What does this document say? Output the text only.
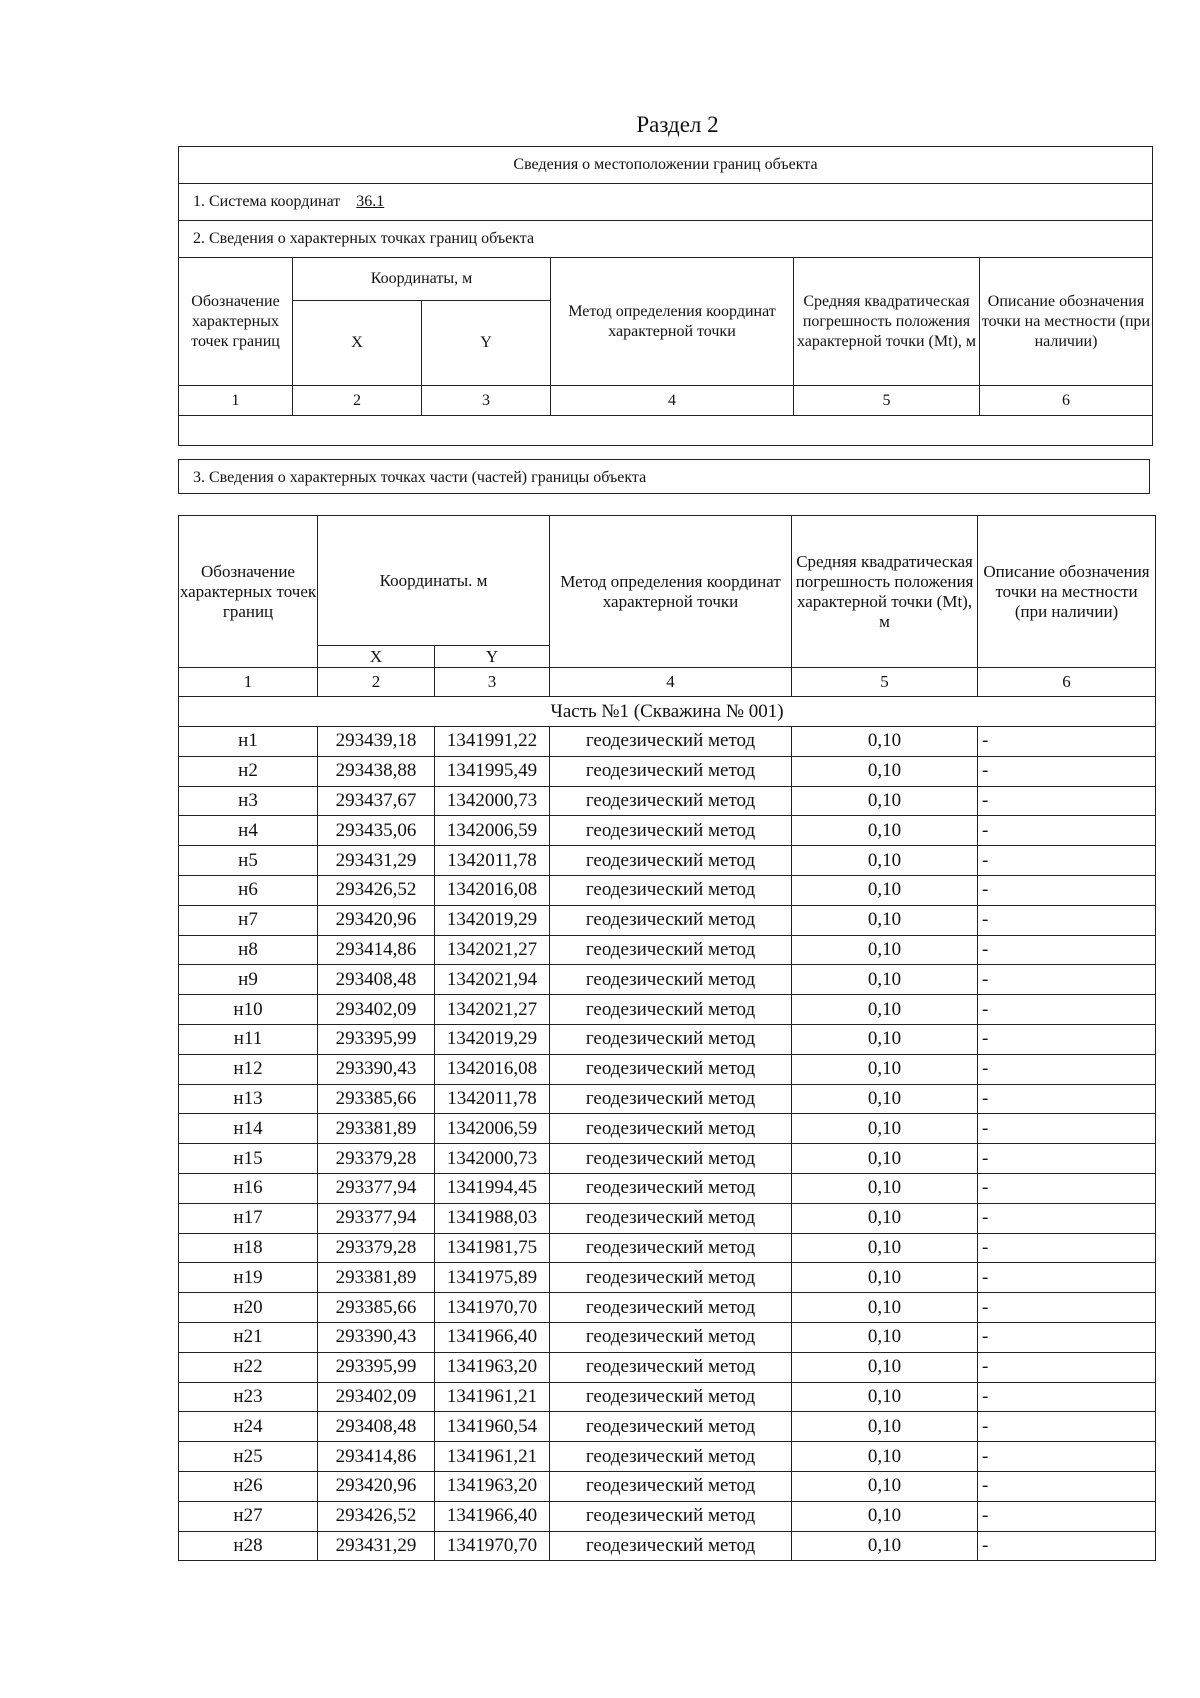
Раздел 2
Сведения о местоположении границ объекта					
1. Система координат 36.1					
2. Сведения о характерных точках границ объекта					
Обозначение характерных точек границ	Координаты, м		Метод определения координат характерной точки	Средняя квадратическая погрешность положения характерной точки (Mt), м	Описание обозначения точки на местности (при наличии)
	X	Y			
1	2	3	4	5	6

3. Сведения о характерных точках части (частей) границы объекта
Обозначение характерных точек границ	Координаты. м		Метод определения координат характерной точки	Средняя квадратическая погрешность положения характерной точки (Mt), м	Описание обозначения точки на местности (при наличии)
	X	Y			
1	2	3	4	5	6
Часть №1 (Скважина № 001)					
н1	293439,18	1341991,22	геодезический метод	0,10	-
н2	293438,88	1341995,49	геодезический метод	0,10	-
н3	293437,67	1342000,73	геодезический метод	0,10	-
н4	293435,06	1342006,59	геодезический метод	0,10	-
н5	293431,29	1342011,78	геодезический метод	0,10	-
н6	293426,52	1342016,08	геодезический метод	0,10	-
н7	293420,96	1342019,29	геодезический метод	0,10	-
н8	293414,86	1342021,27	геодезический метод	0,10	-
н9	293408,48	1342021,94	геодезический метод	0,10	-
н10	293402,09	1342021,27	геодезический метод	0,10	-
н11	293395,99	1342019,29	геодезический метод	0,10	-
н12	293390,43	1342016,08	геодезический метод	0,10	-
н13	293385,66	1342011,78	геодезический метод	0,10	-
н14	293381,89	1342006,59	геодезический метод	0,10	-
н15	293379,28	1342000,73	геодезический метод	0,10	-
н16	293377,94	1341994,45	геодезический метод	0,10	-
н17	293377,94	1341988,03	геодезический метод	0,10	-
н18	293379,28	1341981,75	геодезический метод	0,10	-
н19	293381,89	1341975,89	геодезический метод	0,10	-
н20	293385,66	1341970,70	геодезический метод	0,10	-
н21	293390,43	1341966,40	геодезический метод	0,10	-
н22	293395,99	1341963,20	геодезический метод	0,10	-
н23	293402,09	1341961,21	геодезический метод	0,10	-
н24	293408,48	1341960,54	геодезический метод	0,10	-
н25	293414,86	1341961,21	геодезический метод	0,10	-
н26	293420,96	1341963,20	геодезический метод	0,10	-
н27	293426,52	1341966,40	геодезический метод	0,10	-
н28	293431,29	1341970,70	геодезический метод	0,10	-
